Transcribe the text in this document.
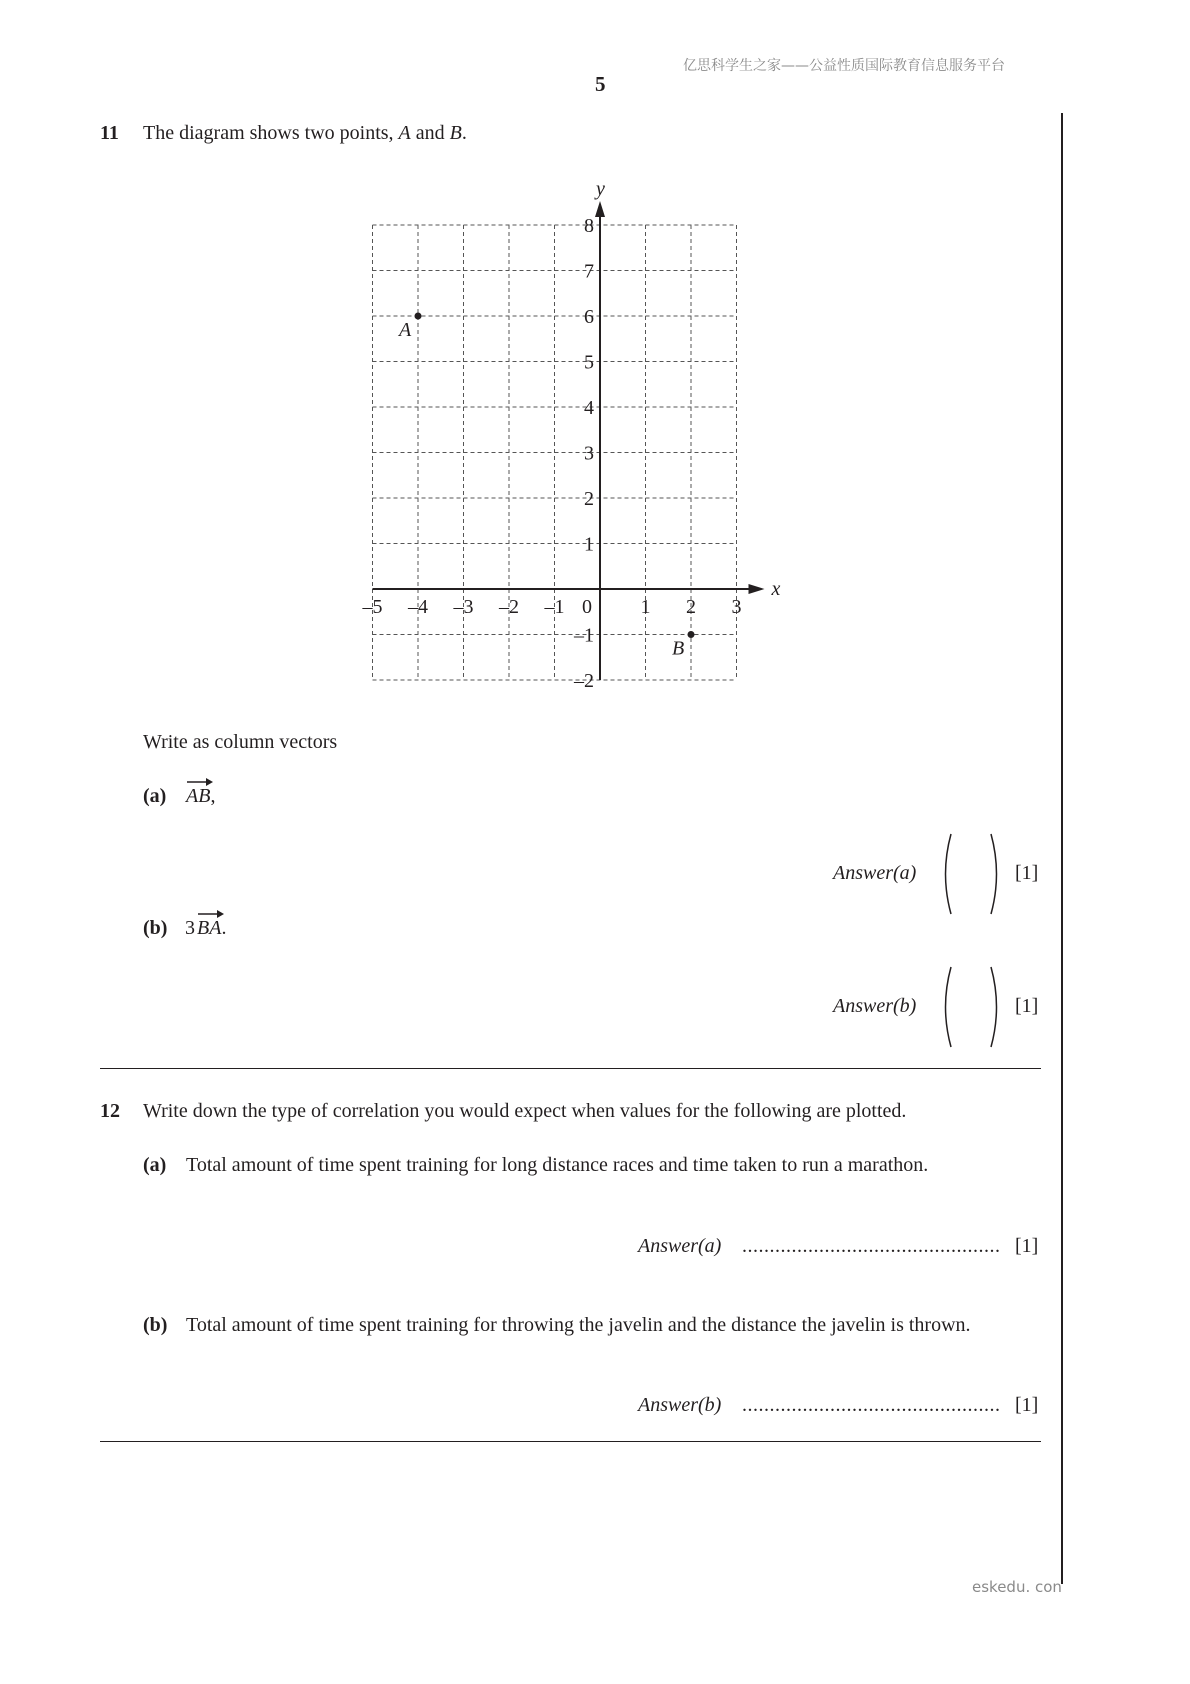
亿思科学生之家——公益性质国际教育信息服务平台
5
11 The diagram shows two points, A and B.
x
y
–5 –4 –3 –2 –1 0 1 2 3
8
7
6
5
4
3
2
1
–1
–2
A
B
Write as column vectors
(a) AB,
Answer(a)	[1]
(b) 3 BA.
Answer(b)	[1]
12 Write down the type of correlation you would expect when values for the following are plotted.
(a) Total amount of time spent training for long distance races and time taken to run a marathon.
Answer(a) ............................................... [1]
(b) Total amount of time spent training for throwing the javelin and the distance the javelin is thrown.
Answer(b) ............................................... [1]
eskedu. con
